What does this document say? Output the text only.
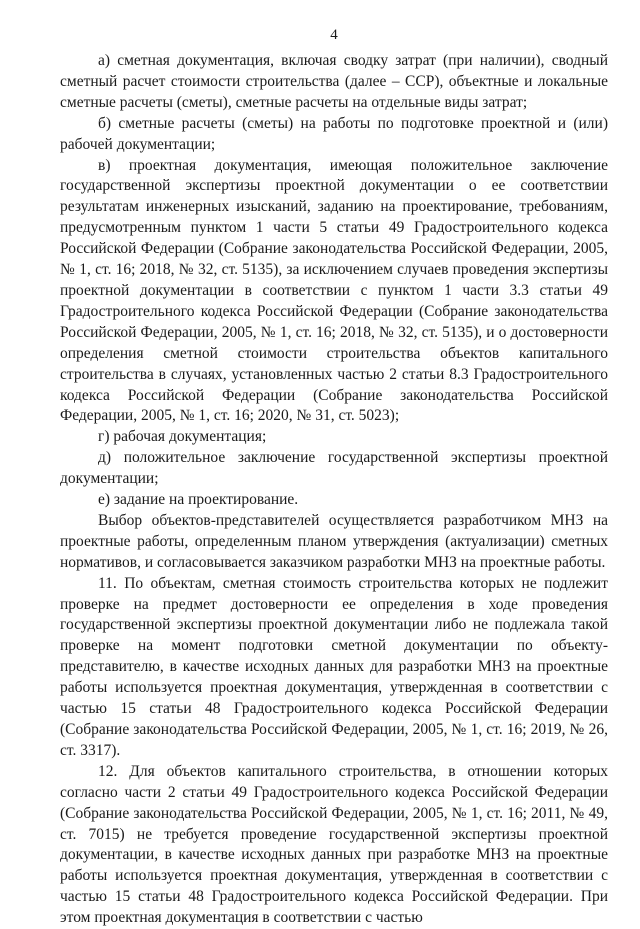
4

а) сметная документация, включая сводку затрат (при наличии), сводный сметный расчет стоимости строительства (далее – ССР), объектные и локальные сметные расчеты (сметы), сметные расчеты на отдельные виды затрат;

б) сметные расчеты (сметы) на работы по подготовке проектной и (или) рабочей документации;

в) проектная документация, имеющая положительное заключение государственной экспертизы проектной документации о ее соответствии результатам инженерных изысканий, заданию на проектирование, требованиям, предусмотренным пунктом 1 части 5 статьи 49 Градостроительного кодекса Российской Федерации (Собрание законодательства Российской Федерации, 2005, № 1, ст. 16; 2018, № 32, ст. 5135), за исключением случаев проведения экспертизы проектной документации в соответствии с пунктом 1 части 3.3 статьи 49 Градостроительного кодекса Российской Федерации (Собрание законодательства Российской Федерации, 2005, № 1, ст. 16; 2018, № 32, ст. 5135), и о достоверности определения сметной стоимости строительства объектов капитального строительства в случаях, установленных частью 2 статьи 8.3 Градостроительного кодекса Российской Федерации (Собрание законодательства Российской Федерации, 2005, № 1, ст. 16; 2020, № 31, ст. 5023);

г) рабочая документация;

д) положительное заключение государственной экспертизы проектной документации;

е) задание на проектирование.

Выбор объектов-представителей осуществляется разработчиком МНЗ на проектные работы, определенным планом утверждения (актуализации) сметных нормативов, и согласовывается заказчиком разработки МНЗ на проектные работы.

11. По объектам, сметная стоимость строительства которых не подлежит проверке на предмет достоверности ее определения в ходе проведения государственной экспертизы проектной документации либо не подлежала такой проверке на момент подготовки сметной документации по объекту-представителю, в качестве исходных данных для разработки МНЗ на проектные работы используется проектная документация, утвержденная в соответствии с частью 15 статьи 48 Градостроительного кодекса Российской Федерации (Собрание законодательства Российской Федерации, 2005, № 1, ст. 16; 2019, № 26, ст. 3317).

12. Для объектов капитального строительства, в отношении которых согласно части 2 статьи 49 Градостроительного кодекса Российской Федерации (Собрание законодательства Российской Федерации, 2005, № 1, ст. 16; 2011, № 49, ст. 7015) не требуется проведение государственной экспертизы проектной документации, в качестве исходных данных при разработке МНЗ на проектные работы используется проектная документация, утвержденная в соответствии с частью 15 статьи 48 Градостроительного кодекса Российской Федерации. При этом проектная документация в соответствии с частью
